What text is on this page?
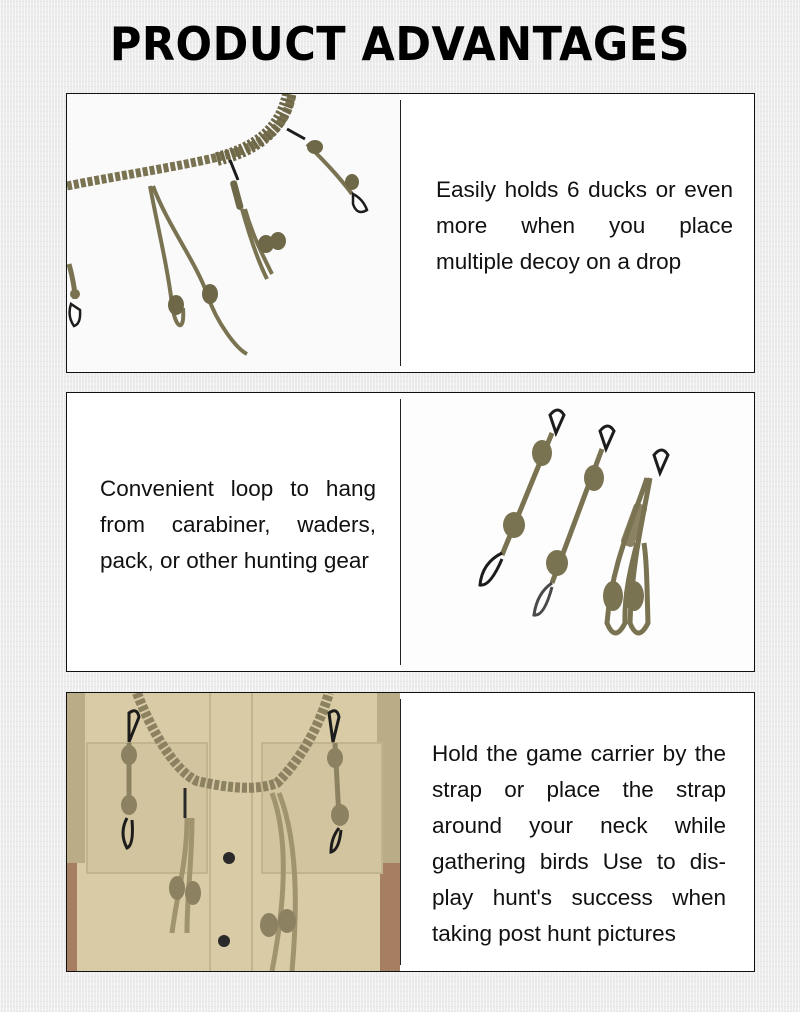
PRODUCT ADVANTAGES
Easily holds 6 ducks or even more when you place multiple decoy on a drop
Convenient loop to hang from carabiner, waders, pack, or other hunting gear
Hold the game carrier by the strap or place the strap around your neck while gathering birds Use to dis-play hunt's success when taking post hunt pictures
